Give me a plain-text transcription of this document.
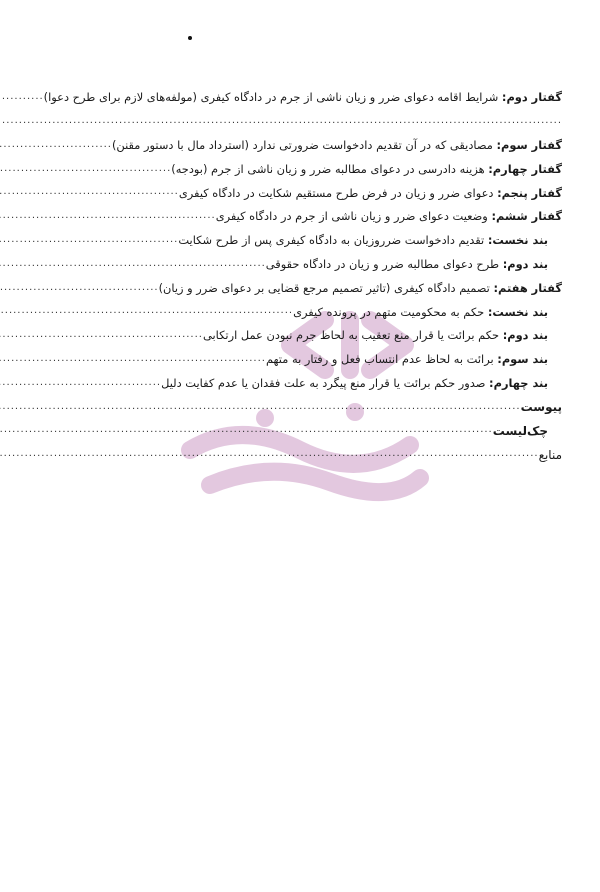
گفتار دوم: شرایط اقامه دعوای ضرر و زیان ناشی از جرم در دادگاه کیفری (مولفه‌های لازم برای طرح دعوا)
.....
.....
گفتار سوم: مصادیقی که در آن تقدیم دادخواست ضرورتی ندارد (استرداد مال با دستور مقنن)
.....
گفتار چهارم: هزینه دادرسی در دعوای مطالبه ضرر و زیان ناشی از جرم (بودجه)
.....
گفتار پنجم: دعوای ضرر و زیان در فرض طرح مستقیم شکایت در دادگاه کیفری
.....
گفتار ششم: وضعیت دعوای ضرر و زیان ناشی از جرم در دادگاه کیفری
.....
بند نخست: تقدیم دادخواست ضرروزیان به دادگاه کیفری پس از طرح شکایت
.....
بند دوم: طرح دعوای مطالبه ضرر و زیان در دادگاه حقوقی
.....
گفتار هفتم: تصمیم دادگاه کیفری (تاثیر تصمیم مرجع قضایی بر دعوای ضرر و زیان)
.....
بند نخست: حکم به محکومیت متهم در پرونده کیفری
.....
بند دوم: حکم برائت یا قرار منع تعقیب به لحاظ جرم نبودن عمل ارتکابی
.....
بند سوم: برائت به لحاظ عدم انتساب فعل و رفتار به متهم
.....
بند چهارم: صدور حکم برائت یا قرار منع پیگرد به علت فقدان یا عدم کفایت دلیل
.....
پیوست
.....
چک‌لیست
.....
منابع
.....
